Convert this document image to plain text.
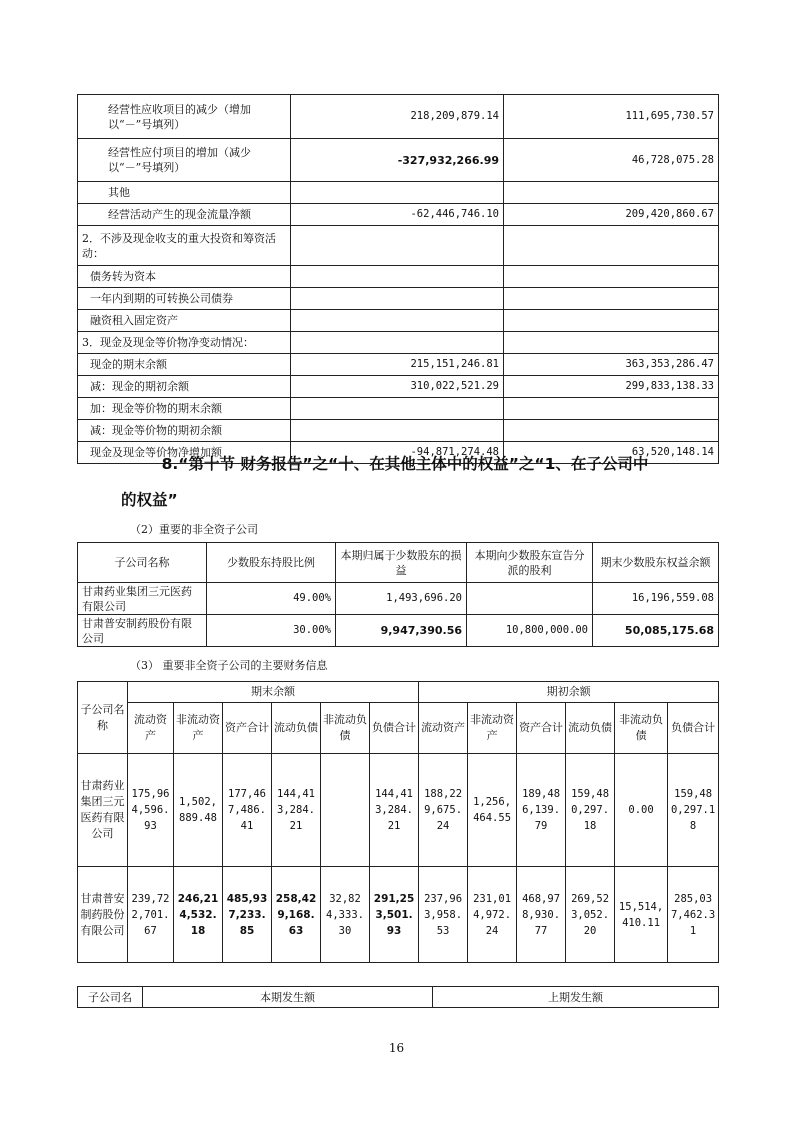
经营性应收项目的减少（增加以“－”号填列）	218,209,879.14	111,695,730.57
经营性应付项目的增加（减少以“－”号填列）	-327,932,266.99	46,728,075.28
其他		
经营活动产生的现金流量净额	-62,446,746.10	209,420,860.67
2．不涉及现金收支的重大投资和筹资活动：		
债务转为资本		
一年内到期的可转换公司债券		
融资租入固定资产		
3．现金及现金等价物净变动情况：		
现金的期末余额	215,151,246.81	363,353,286.47
减：现金的期初余额	310,022,521.29	299,833,138.33
加：现金等价物的期末余额		
减：现金等价物的期初余额		
现金及现金等价物净增加额	-94,871,274.48	63,520,148.14
8.“第十节 财务报告”之“十、在其他主体中的权益”之“1、在子公司中
的权益”
（2）重要的非全资子公司
子公司名称	少数股东持股比例	本期归属于少数股东的损益	本期向少数股东宣告分派的股利	期末少数股东权益余额
甘肃药业集团三元医药有限公司	49.00%	1,493,696.20		16,196,559.08
甘肃普安制药股份有限公司	30.00%	9,947,390.56	10,800,000.00	50,085,175.68
（3） 重要非全资子公司的主要财务信息
子公司名称	期末余额						期初余额					
	流动资产	非流动资产	资产合计	流动负债	非流动负债	负债合计	流动资产	非流动资产	资产合计	流动负债	非流动负债	负债合计
甘肃药业集团三元医药有限公司	175,964,596.93	1,502,889.48	177,467,486.41	144,413,284.21		144,413,284.21	188,229,675.24	1,256,464.55	189,486,139.79	159,480,297.18	0.00	159,480,297.18
甘肃普安制药股份有限公司	239,722,701.67	246,214,532.18	485,937,233.85	258,429,168.63	32,824,333.30	291,253,501.93	237,963,958.53	231,014,972.24	468,978,930.77	269,523,052.20	15,514,410.11	285,037,462.31
子公司名	本期发生额	上期发生额
16
